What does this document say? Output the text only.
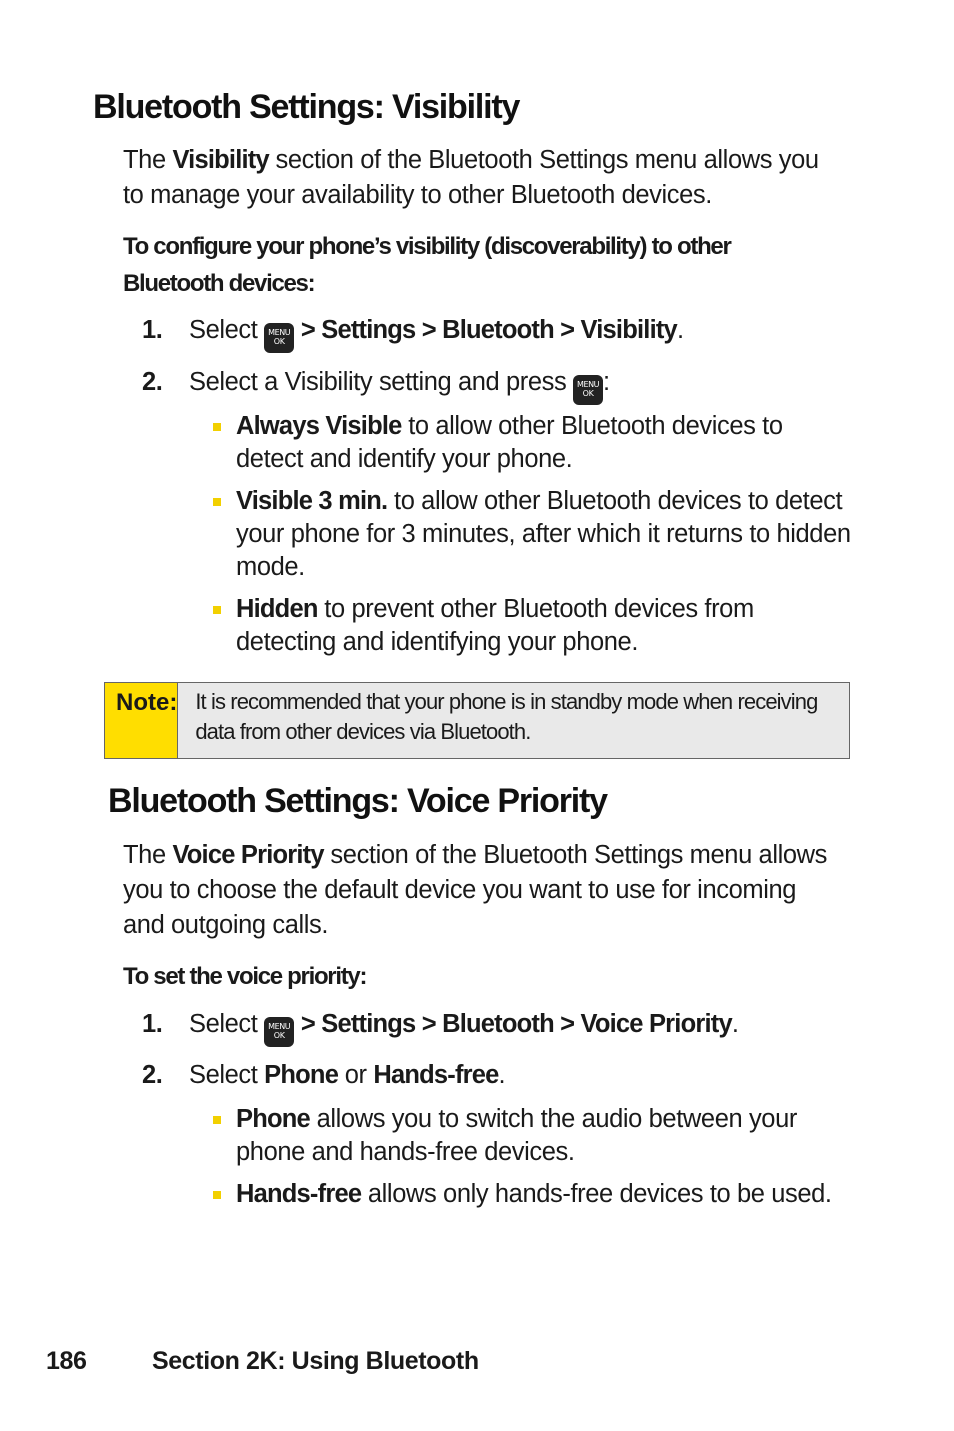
Bluetooth Settings: Visibility

The Visibility section of the Bluetooth Settings menu allows you to manage your availability to other Bluetooth devices.

To configure your phone’s visibility (discoverability) to other Bluetooth devices:

1. Select MENU
OK > Settings > Bluetooth > Visibility.
2. Select a Visibility setting and press MENU
OK :
Always Visible to allow other Bluetooth devices to detect and identify your phone.
Visible 3 min. to allow other Bluetooth devices to detect your phone for 3 minutes, after which it returns to hidden mode.
Hidden to prevent other Bluetooth devices from detecting and identifying your phone.
Note: It is recommended that your phone is in standby mode when receiving data from other devices via Bluetooth.
Bluetooth Settings: Voice Priority

The Voice Priority section of the Bluetooth Settings menu allows you to choose the default device you want to use for incoming and outgoing calls.

To set the voice priority:

1. Select MENU
OK > Settings > Bluetooth > Voice Priority.
2. Select Phone or Hands-free.
Phone allows you to switch the audio between your phone and hands-free devices.
Hands-free allows only hands-free devices to be used.
186	Section 2K: Using Bluetooth
